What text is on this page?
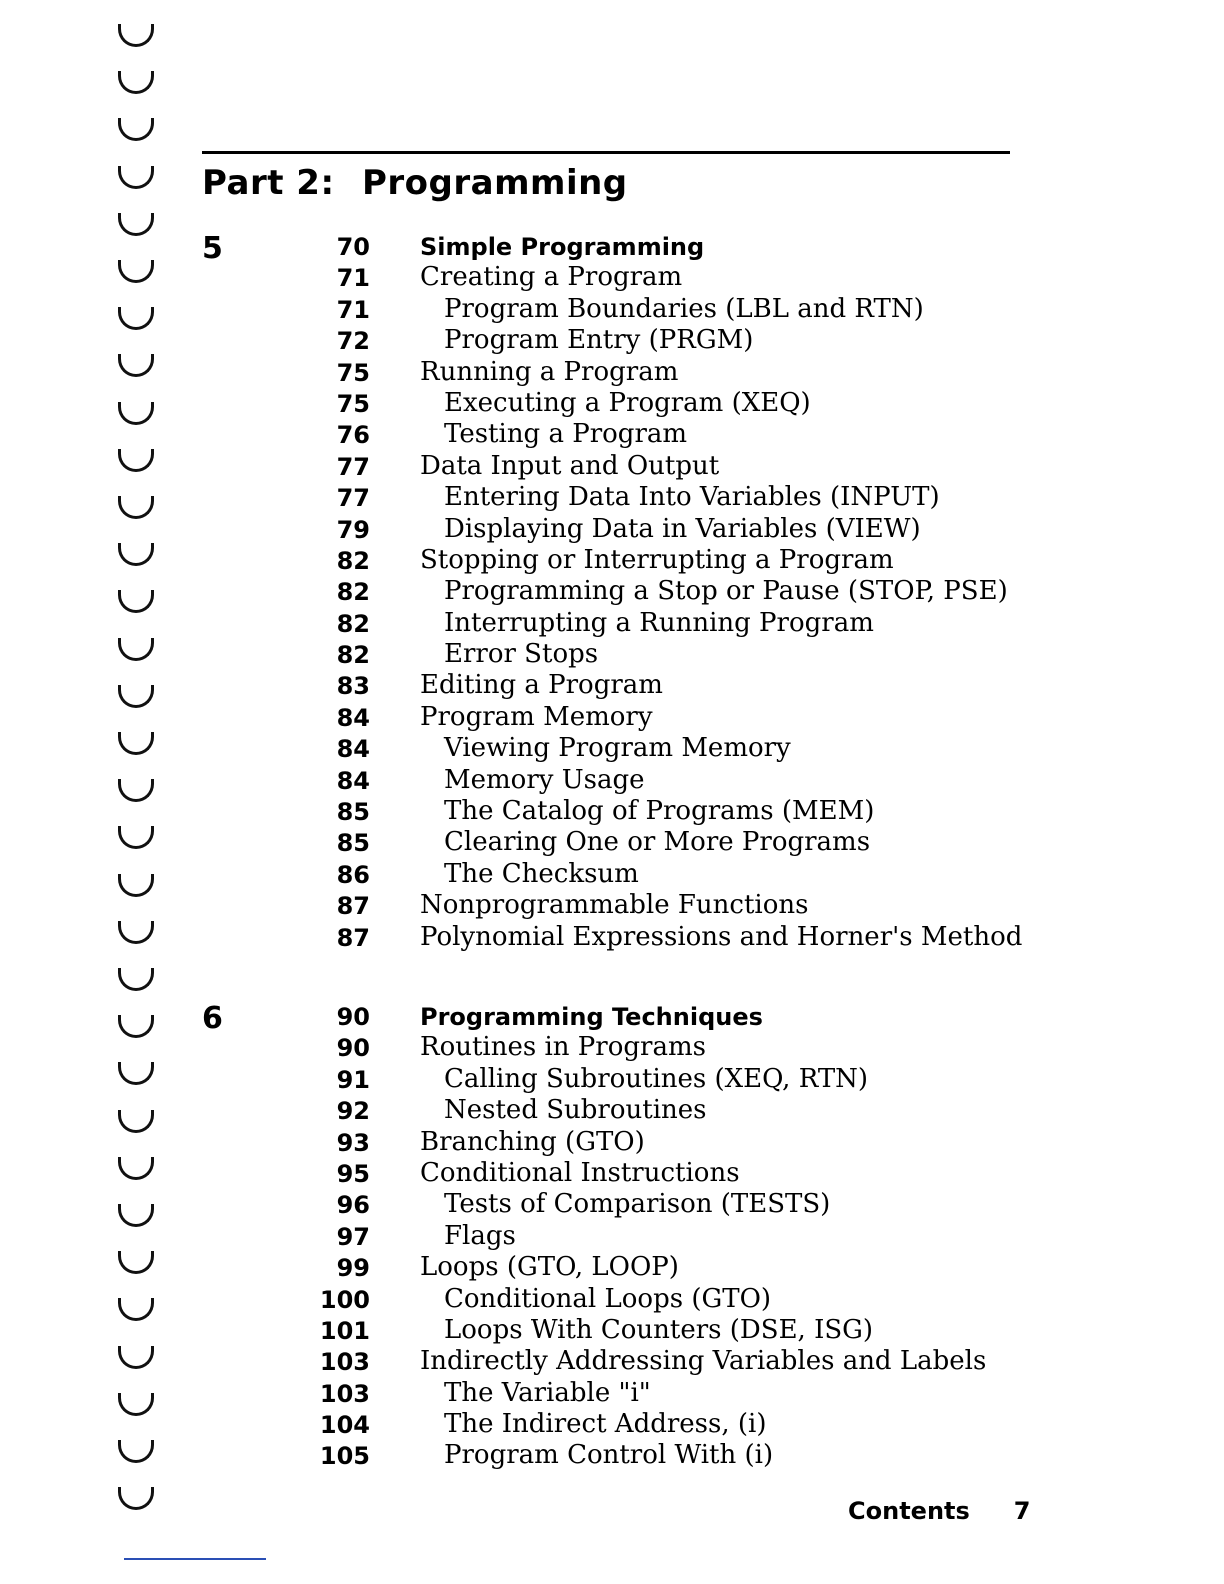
Part 2: Programming
5	70 Simple Programming
71 Creating a Program
71	Program Boundaries (LBL and RTN)
72	Program Entry (PRGM)
75 Running a Program
75	Executing a Program (XEQ)
76	Testing a Program
77 Data Input and Output
77	Entering Data Into Variables (INPUT)
79	Displaying Data in Variables (VIEW)
82 Stopping or Interrupting a Program
82	Programming a Stop or Pause (STOP, PSE)
82	Interrupting a Running Program
82	Error Stops
83 Editing a Program
84 Program Memory
84	Viewing Program Memory
84	Memory Usage
85	The Catalog of Programs (MEM)
85	Clearing One or More Programs
86	The Checksum
87 Nonprogrammable Functions
87 Polynomial Expressions and Horner's Method
6	90 Programming Techniques
90 Routines in Programs
91	Calling Subroutines (XEQ, RTN)
92	Nested Subroutines
93 Branching (GTO)
95 Conditional Instructions
96	Tests of Comparison (TESTS)
97	Flags
99 Loops (GTO, LOOP)
100	Conditional Loops (GTO)
101	Loops With Counters (DSE, ISG)
103 Indirectly Addressing Variables and Labels
103	The Variable "i"
104	The Indirect Address, (i)
105	Program Control With (i)
Contents 7
